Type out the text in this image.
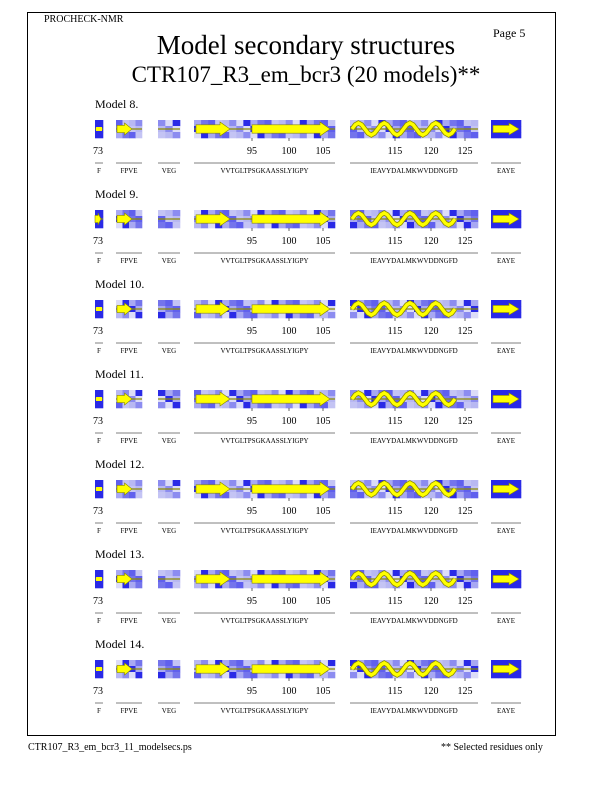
PROCHECK-NMR
Page 5
Model secondary structures
CTR107_R3_em_bcr3 (20 models)**
Model 8.
F	FPVE	VEG	VVTGLTPSGKAASSLYIGPY	IEAVYDALMKWVDDNGFD	EAYE
73	95 100 105	115 120 125
Model 9.
F	FPVE	VEG	VVTGLTPSGKAASSLYIGPY	IEAVYDALMKWVDDNGFD	EAYE
73	95 100 105	115 120 125
Model 10.
F	FPVE	VEG	VVTGLTPSGKAASSLYIGPY	IEAVYDALMKWVDDNGFD	EAYE
73	95 100 105	115 120 125
Model 11.
F	FPVE	VEG	VVTGLTPSGKAASSLYIGPY	IEAVYDALMKWVDDNGFD	EAYE
73	95 100 105	115 120 125
Model 12.
F	FPVE	VEG	VVTGLTPSGKAASSLYIGPY	IEAVYDALMKWVDDNGFD	EAYE
73	95 100 105	115 120 125
Model 13.
F	FPVE	VEG	VVTGLTPSGKAASSLYIGPY	IEAVYDALMKWVDDNGFD	EAYE
73	95 100 105	115 120 125
Model 14.
F	FPVE	VEG	VVTGLTPSGKAASSLYIGPY	IEAVYDALMKWVDDNGFD	EAYE
73	95 100 105	115 120 125
CTR107_R3_em_bcr3_11_modelsecs.ps	** Selected residues only
